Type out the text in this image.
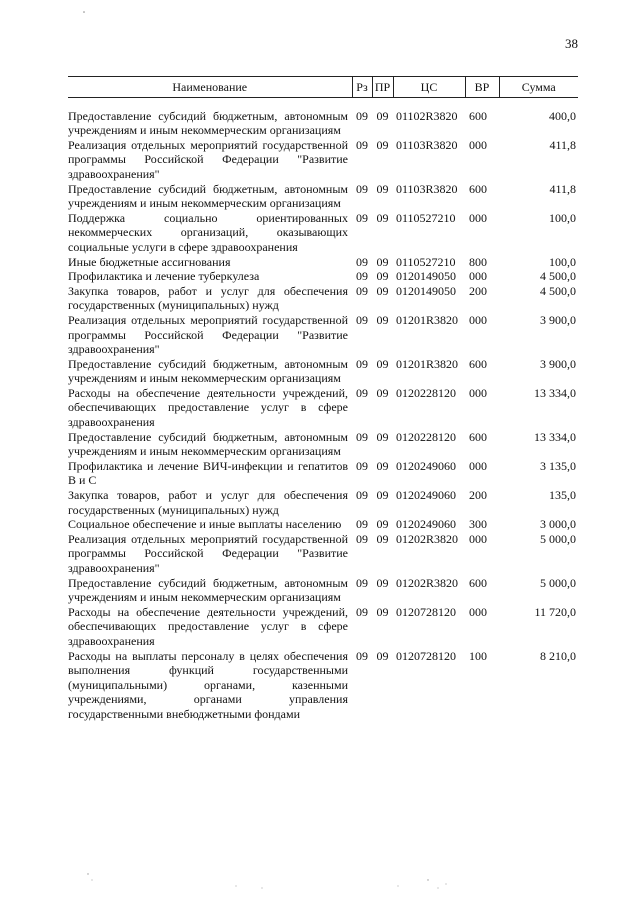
38
Наименование	Рз	ПР	ЦС	ВР	Сумма
Предоставление субсидий бюджетным, автономным учреждениям и иным некоммерческим организациям	09	09	01102R3820	600	400,0
Реализация отдельных мероприятий государственной программы Российской Федерации "Развитие здравоохранения"	09	09	01103R3820	000	411,8
Предоставление субсидий бюджетным, автономным учреждениям и иным некоммерческим организациям	09	09	01103R3820	600	411,8
Поддержка социально ориентированных некоммерческих организаций, оказывающих социальные услуги в сфере здравоохранения	09	09	0110527210	000	100,0
Иные бюджетные ассигнования	09	09	0110527210	800	100,0
Профилактика и лечение туберкулеза	09	09	0120149050	000	4 500,0
Закупка товаров, работ и услуг для обеспечения государственных (муниципальных) нужд	09	09	0120149050	200	4 500,0
Реализация отдельных мероприятий государственной программы Российской Федерации "Развитие здравоохранения"	09	09	01201R3820	000	3 900,0
Предоставление субсидий бюджетным, автономным учреждениям и иным некоммерческим организациям	09	09	01201R3820	600	3 900,0
Расходы на обеспечение деятельности учреждений, обеспечивающих предоставление услуг в сфере здравоохранения	09	09	0120228120	000	13 334,0
Предоставление субсидий бюджетным, автономным учреждениям и иным некоммерческим организациям	09	09	0120228120	600	13 334,0
Профилактика и лечение ВИЧ-инфекции и гепатитов B и C	09	09	0120249060	000	3 135,0
Закупка товаров, работ и услуг для обеспечения государственных (муниципальных) нужд	09	09	0120249060	200	135,0
Социальное обеспечение и иные выплаты населению	09	09	0120249060	300	3 000,0
Реализация отдельных мероприятий государственной программы Российской Федерации "Развитие здравоохранения"	09	09	01202R3820	000	5 000,0
Предоставление субсидий бюджетным, автономным учреждениям и иным некоммерческим организациям	09	09	01202R3820	600	5 000,0
Расходы на обеспечение деятельности учреждений, обеспечивающих предоставление услуг в сфере здравоохранения	09	09	0120728120	000	11 720,0
Расходы на выплаты персоналу в целях обеспечения выполнения функций государственными (муниципальными) органами, казенными учреждениями, органами управления государственными внебюджетными фондами	09	09	0120728120	100	8 210,0
